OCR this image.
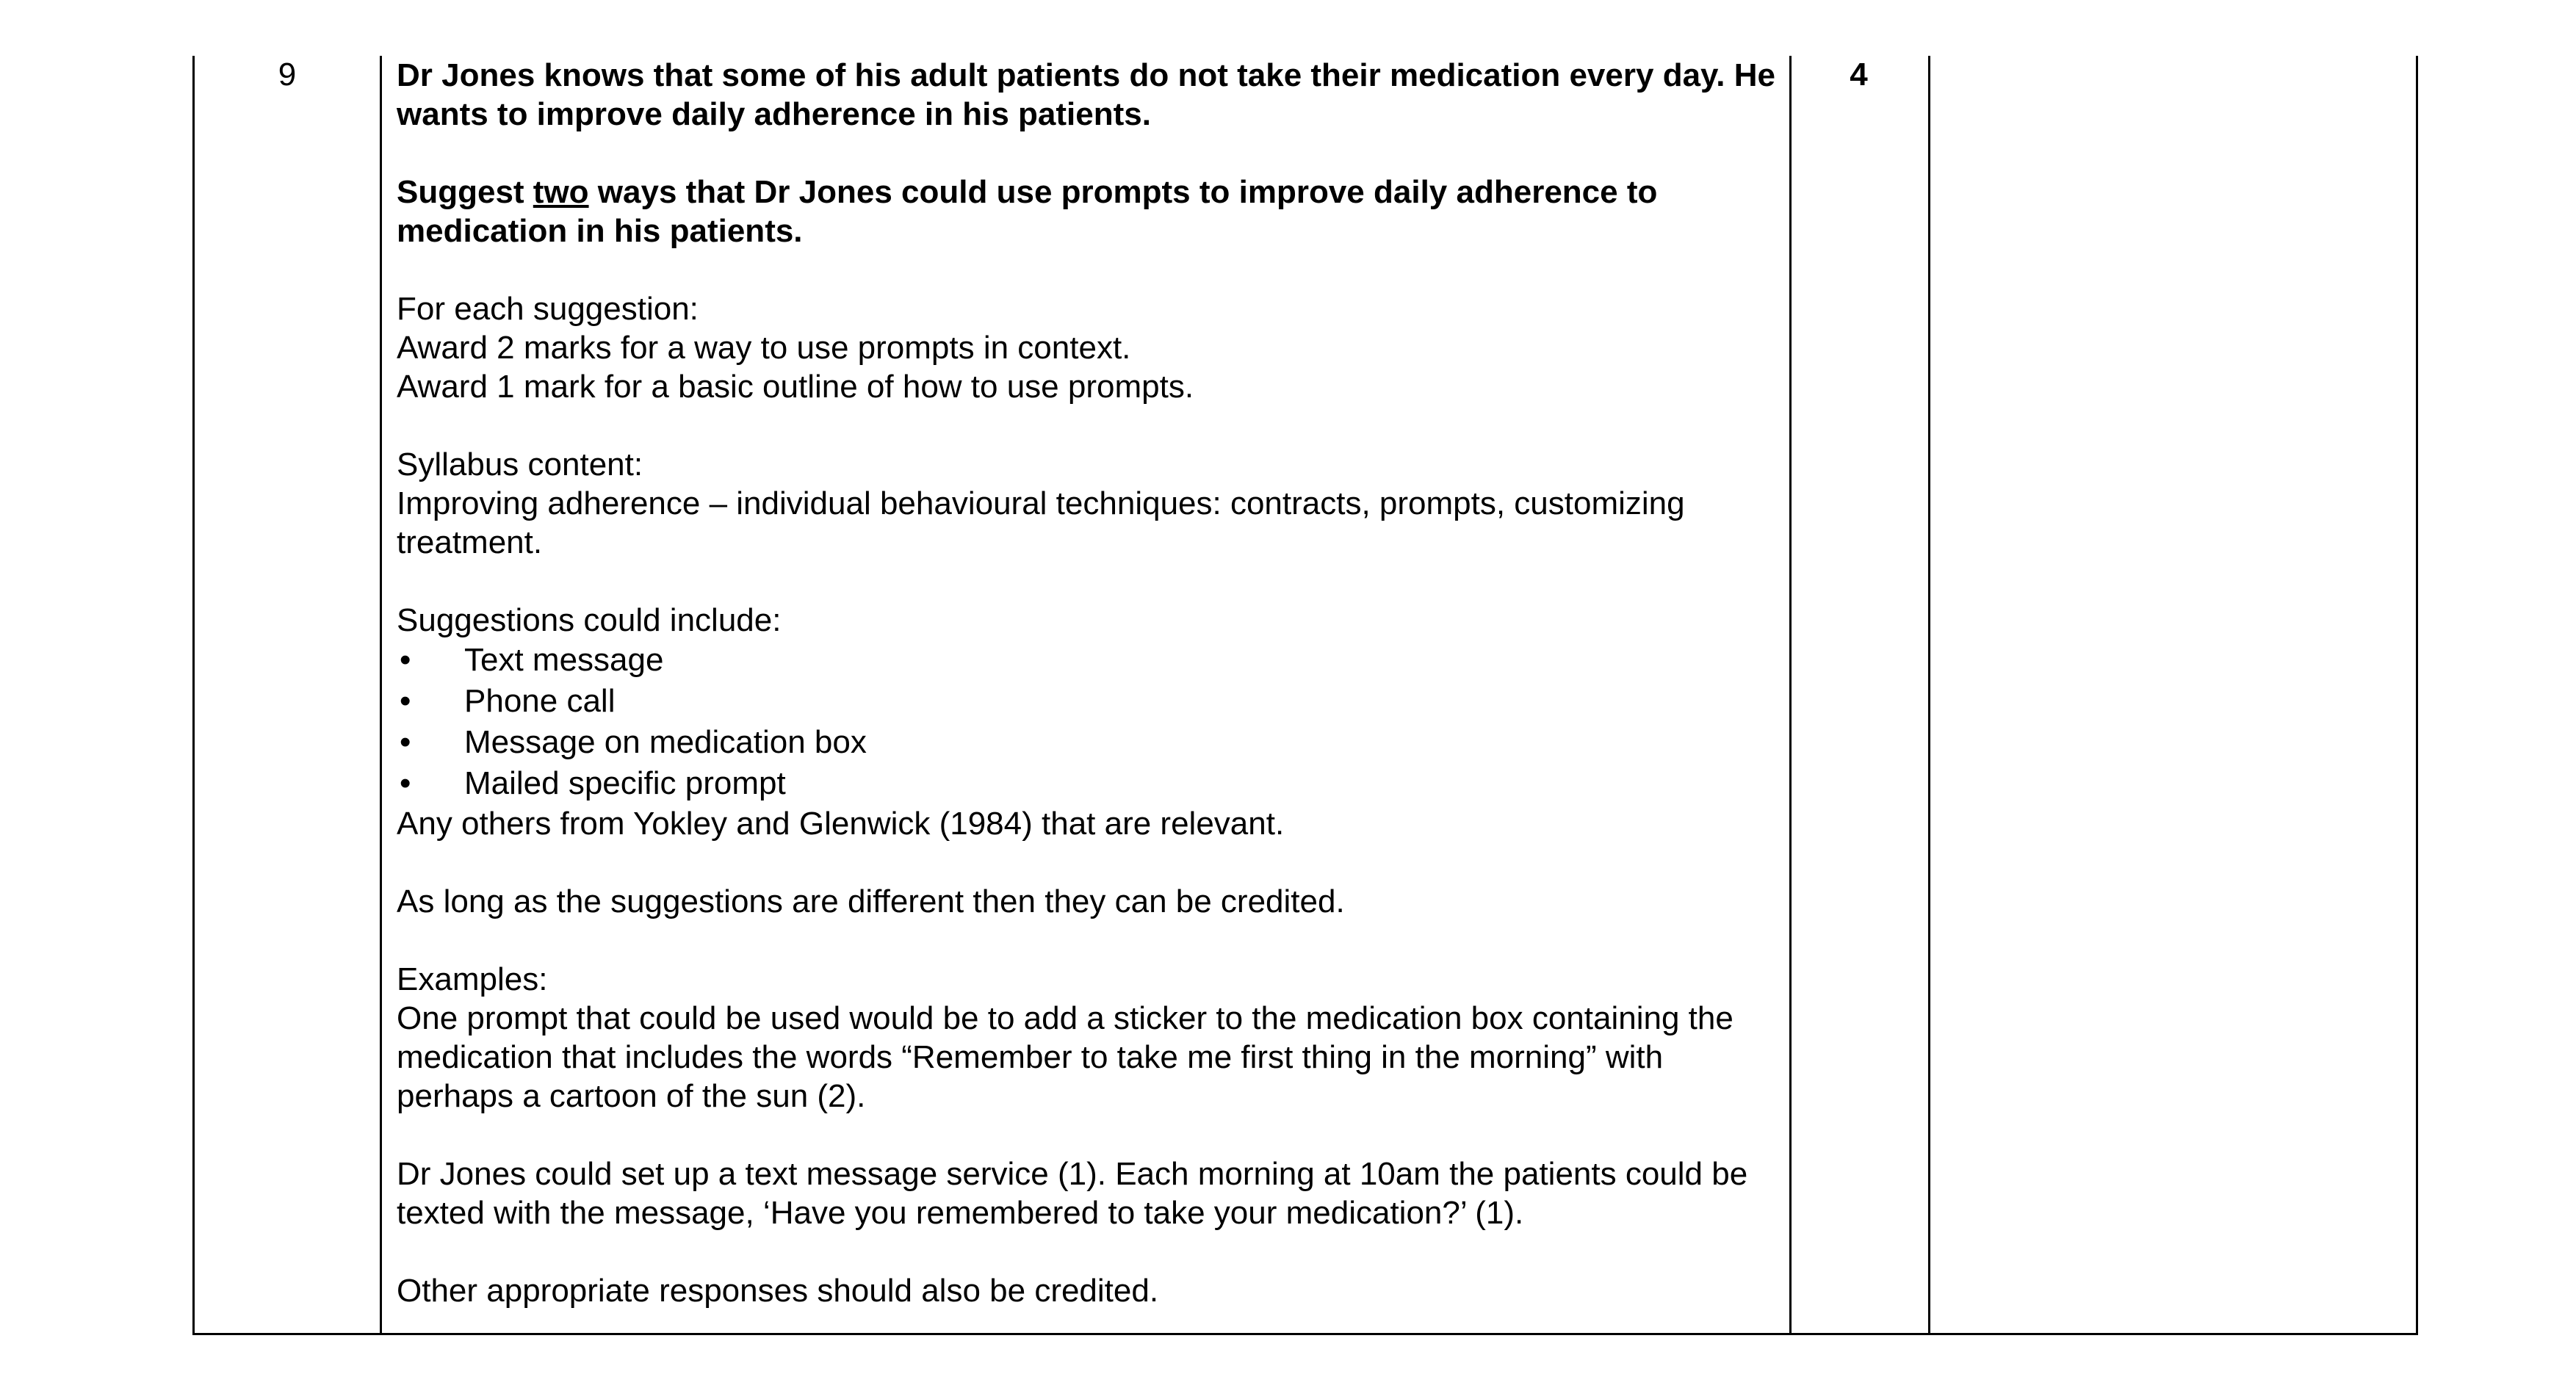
9	Dr Jones knows that some of his adult patients do not take their medication every day. He wants to improve daily adherence in his patients.

Suggest two ways that Dr Jones could use prompts to improve daily adherence to medication in his patients.

For each suggestion:

Award 2 marks for a way to use prompts in context.

Award 1 mark for a basic outline of how to use prompts.

Syllabus content:

Improving adherence – individual behavioural techniques: contracts, prompts, customizing treatment.

Suggestions could include:

• Text message
• Phone call
• Message on medication box
• Mailed specific prompt

Any others from Yokley and Glenwick (1984) that are relevant.

As long as the suggestions are different then they can be credited.

Examples:

One prompt that could be used would be to add a sticker to the medication box containing the medication that includes the words “Remember to take me first thing in the morning” with perhaps a cartoon of the sun (2).

Dr Jones could set up a text message service (1). Each morning at 10am the patients could be texted with the message, ‘Have you remembered to take your medication?’ (1).

Other appropriate responses should also be credited.

4
